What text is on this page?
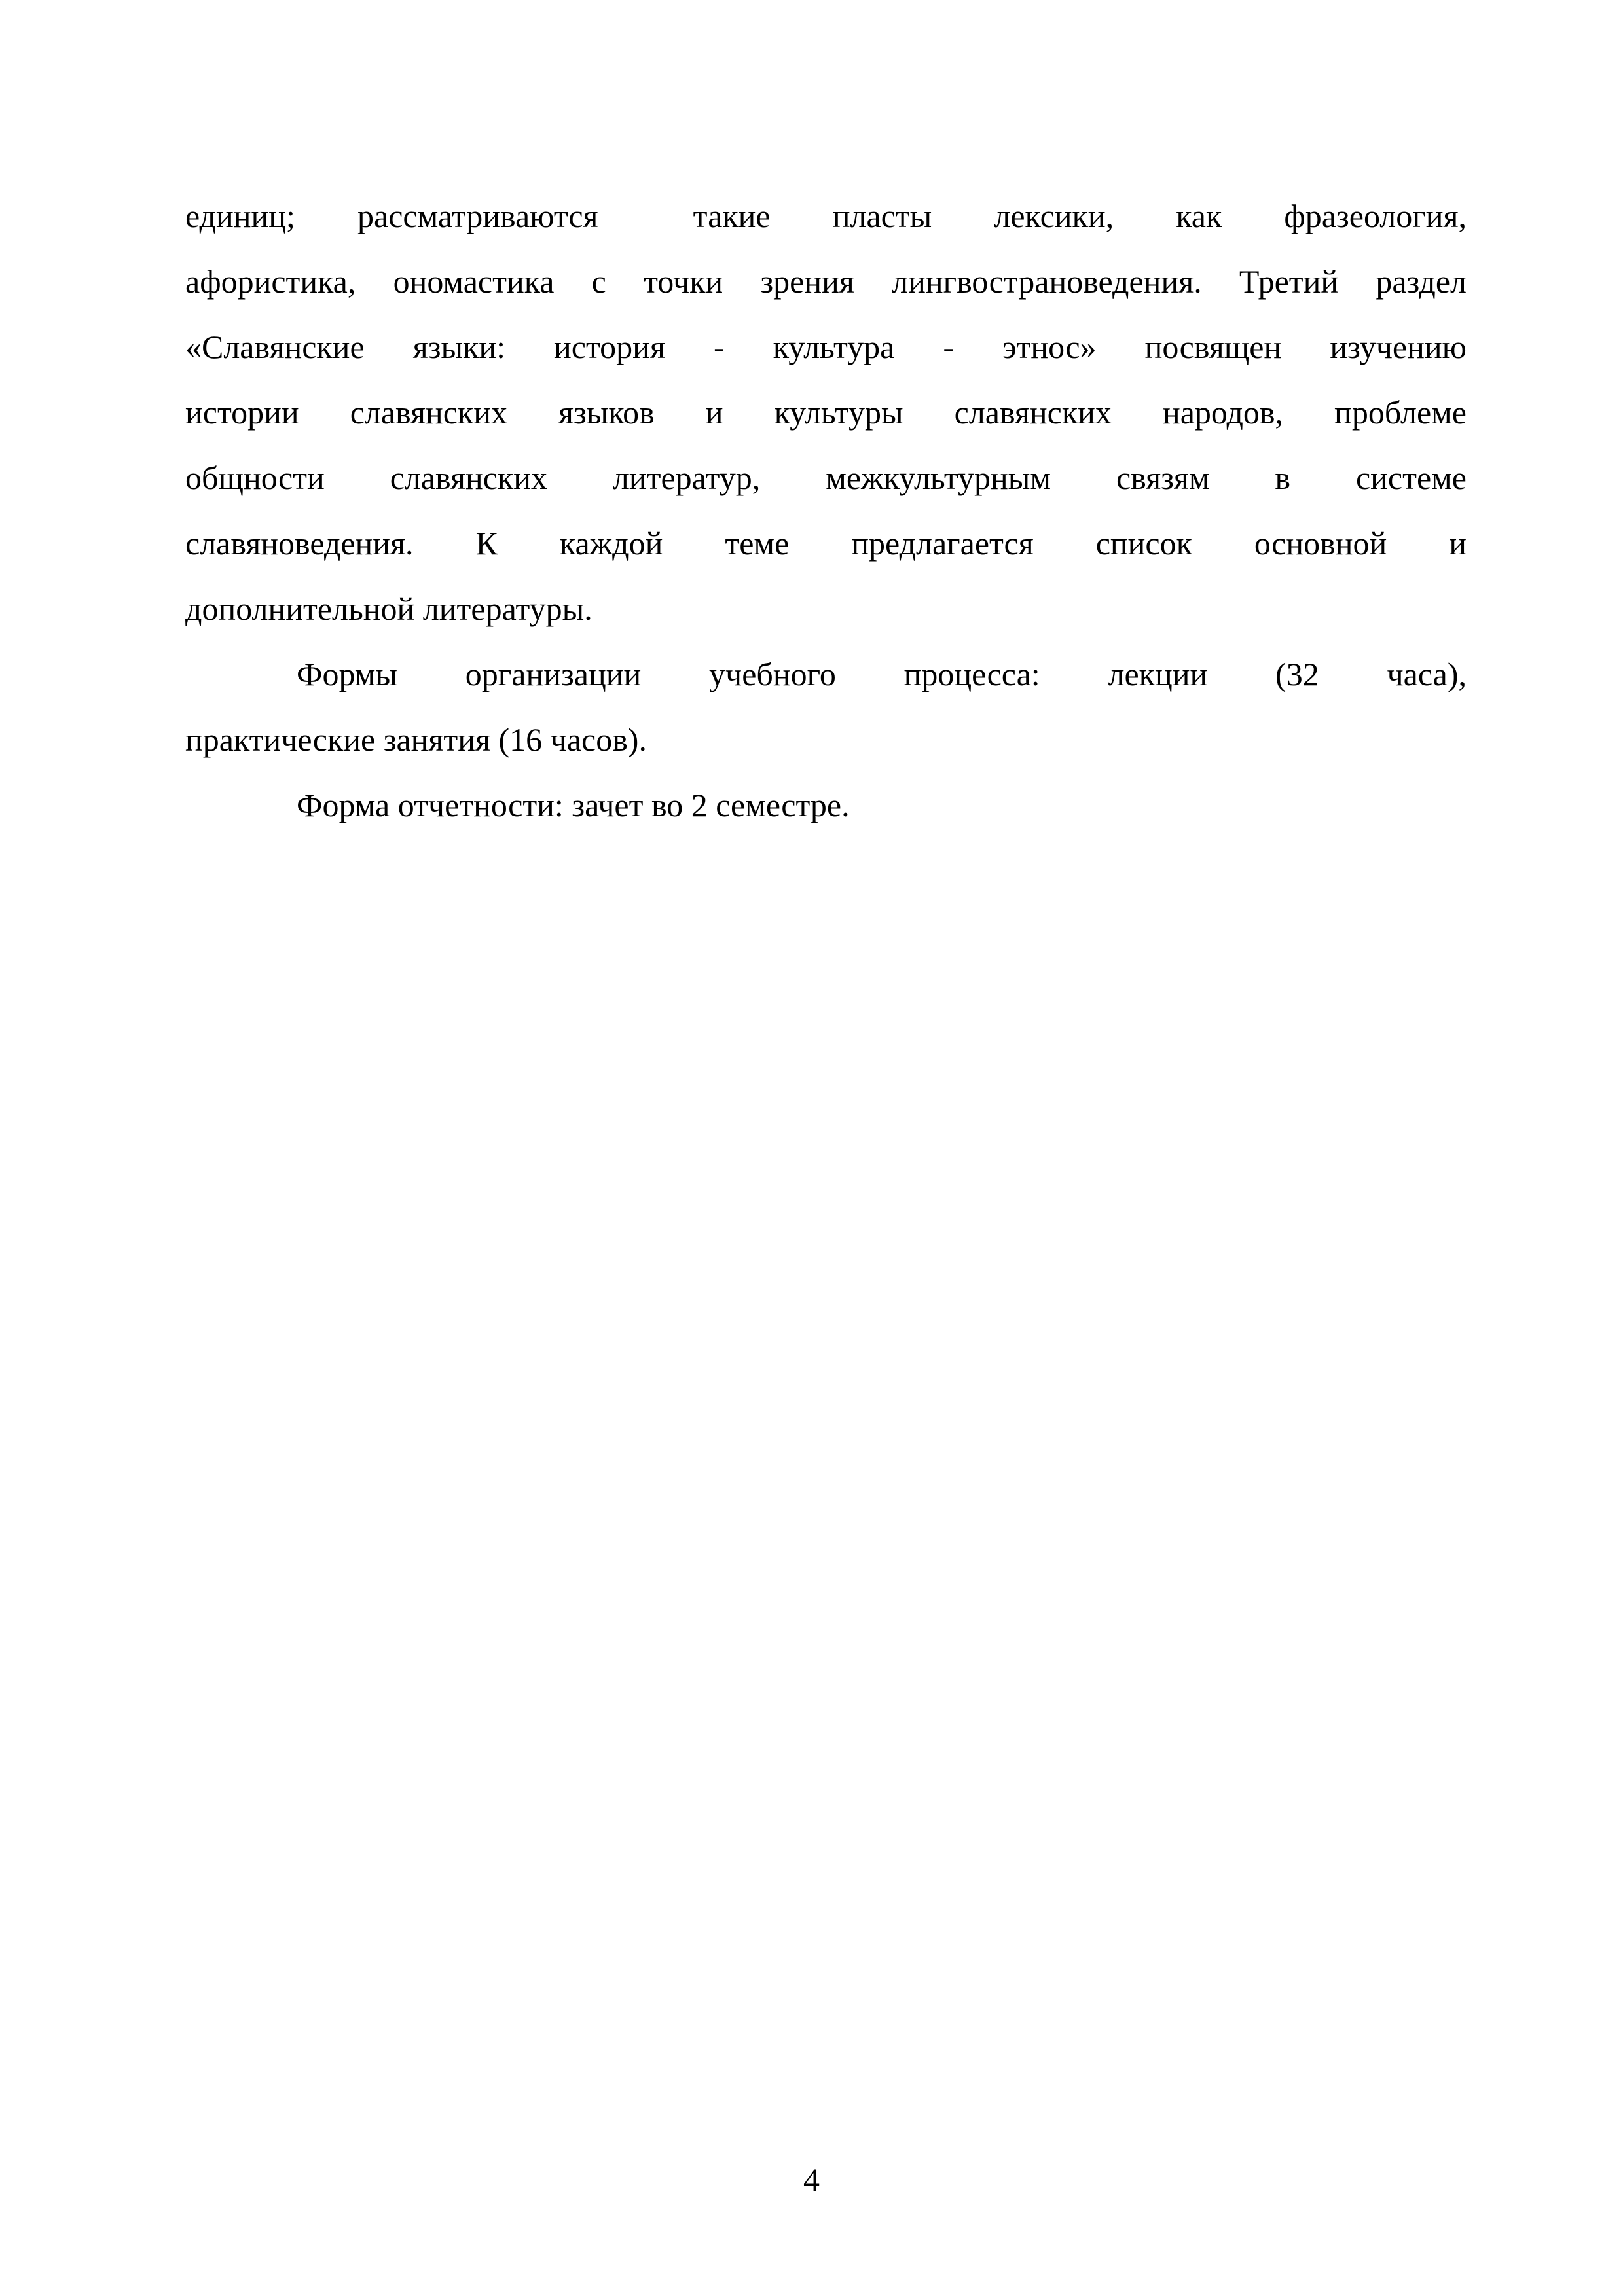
единиц; рассматриваются  такие пласты лексики, как фразеология,
афористика, ономастика с точки зрения лингвострановедения. Третий раздел
«Славянские языки: история - культура - этнос» посвящен изучению
истории славянских языков и культуры славянских народов, проблеме
общности славянских литератур, межкультурным связям в системе
славяноведения. К каждой теме предлагается список основной и
дополнительной литературы.
Формы организации учебного процесса: лекции (32 часа),
практические занятия (16 часов).
Форма отчетности: зачет во 2 семестре.
4
